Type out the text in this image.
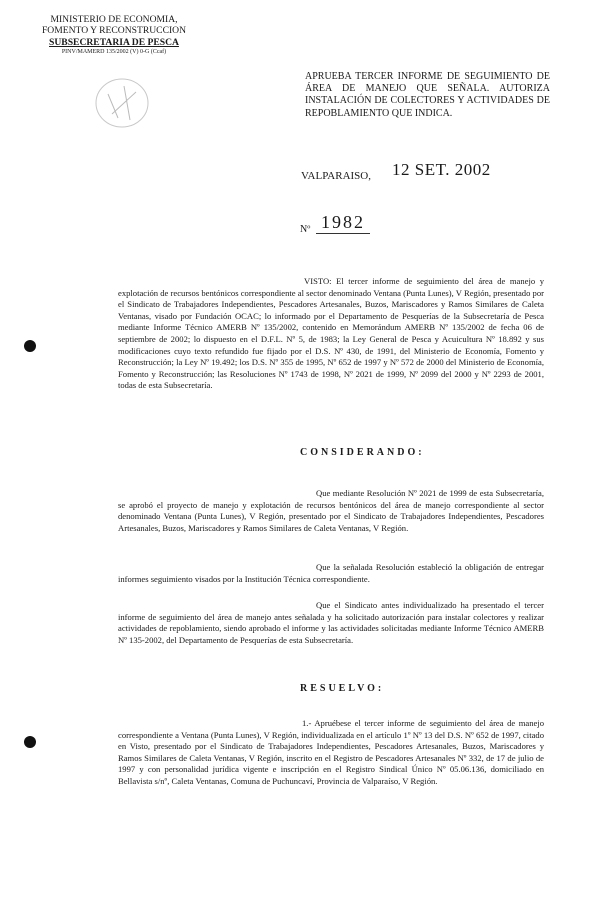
MINISTERIO DE ECONOMIA,
FOMENTO Y RECONSTRUCCION
SUBSECRETARIA DE PESCA
PINV/MAMERD 135/2002 (V) 0-G (Ccaf)
APRUEBA TERCER INFORME DE SEGUIMIENTO DE ÁREA DE MANEJO QUE SEÑALA. AUTORIZA INSTALACIÓN DE COLECTORES Y ACTIVIDADES DE REPOBLAMIENTO QUE INDICA.
VALPARAISO, 12 SET. 2002
Nº 1982
VISTO: El tercer informe de seguimiento del área de manejo y explotación de recursos bentónicos correspondiente al sector denominado Ventana (Punta Lunes), V Región, presentado por el Sindicato de Trabajadores Independientes, Pescadores Artesanales, Buzos, Mariscadores y Ramos Similares de Caleta Ventanas, visado por Fundación OCAC; lo informado por el Departamento de Pesquerías de la Subsecretaría de Pesca mediante Informe Técnico AMERB Nº 135/2002, contenido en Memorándum AMERB Nº 135/2002 de fecha 06 de septiembre de 2002; lo dispuesto en el D.F.L. Nº 5, de 1983; la Ley General de Pesca y Acuicultura Nº 18.892 y sus modificaciones cuyo texto refundido fue fijado por el D.S. Nº 430, de 1991, del Ministerio de Economía, Fomento y Reconstrucción; la Ley Nº 19.492; los D.S. Nº 355 de 1995, Nº 652 de 1997 y Nº 572 de 2000 del Ministerio de Economía, Fomento y Reconstrucción; las Resoluciones Nº 1743 de 1998, Nº 2021 de 1999, Nº 2099 del 2000 y Nº 2293 de 2001, todas de esta Subsecretaría.
CONSIDERANDO:
Que mediante Resolución Nº 2021 de 1999 de esta Subsecretaría, se aprobó el proyecto de manejo y explotación de recursos bentónicos del área de manejo correspondiente al sector denominado Ventana (Punta Lunes), V Región, presentado por el Sindicato de Trabajadores Independientes, Pescadores Artesanales, Buzos, Mariscadores y Ramos Similares de Caleta Ventanas, V Región.
Que la señalada Resolución estableció la obligación de entregar informes seguimiento visados por la Institución Técnica correspondiente.
Que el Sindicato antes individualizado ha presentado el tercer informe de seguimiento del área de manejo antes señalada y ha solicitado autorización para instalar colectores y realizar actividades de repoblamiento, siendo aprobado el informe y las actividades solicitadas mediante Informe Técnico AMERB Nº 135-2002, del Departamento de Pesquerías de esta Subsecretaría.
RESUELVO:
1.- Apruébese el tercer informe de seguimiento del área de manejo correspondiente a Ventana (Punta Lunes), V Región, individualizada en el artículo 1º Nº 13 del D.S. Nº 652 de 1997, citado en Visto, presentado por el Sindicato de Trabajadores Independientes, Pescadores Artesanales, Buzos, Mariscadores y Ramos Similares de Caleta Ventanas, V Región, inscrito en el Registro de Pescadores Artesanales Nº 332, de 17 de julio de 1997 y con personalidad jurídica vigente e inscripción en el Registro Sindical Único Nº 05.06.136, domiciliado en Bellavista s/nº, Caleta Ventanas, Comuna de Puchuncaví, Provincia de Valparaíso, V Región.
